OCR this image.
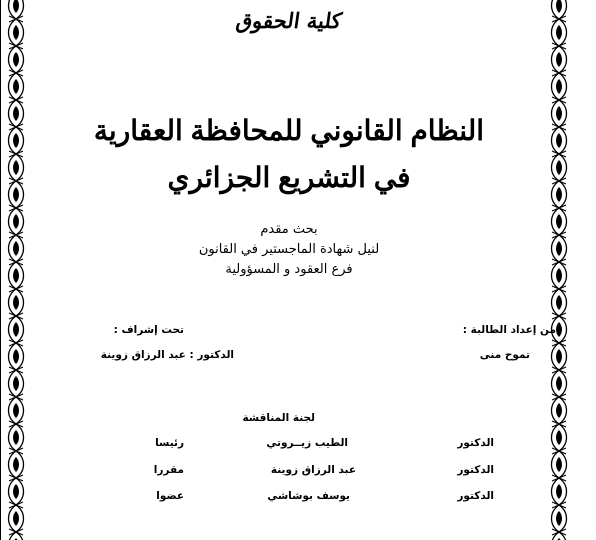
كلية الحقوق
النظام القانوني للمحافظة العقارية
في التشريع الجزائري
بحث مقدم
لنيل شهادة الماجستير في القانون
فرع العقود و المسؤولية
من إعداد الطالبة :
تموح منى
تحت إشراف :
الدكتور : عبد الرزاق زوينة
لجنة المناقشة
الدكتور
الطيب زيــروتي
رئيسا
الدكتور
عبد الرزاق زوينة
مقررا
الدكتور
يوسف بوشاشي
عضوا
